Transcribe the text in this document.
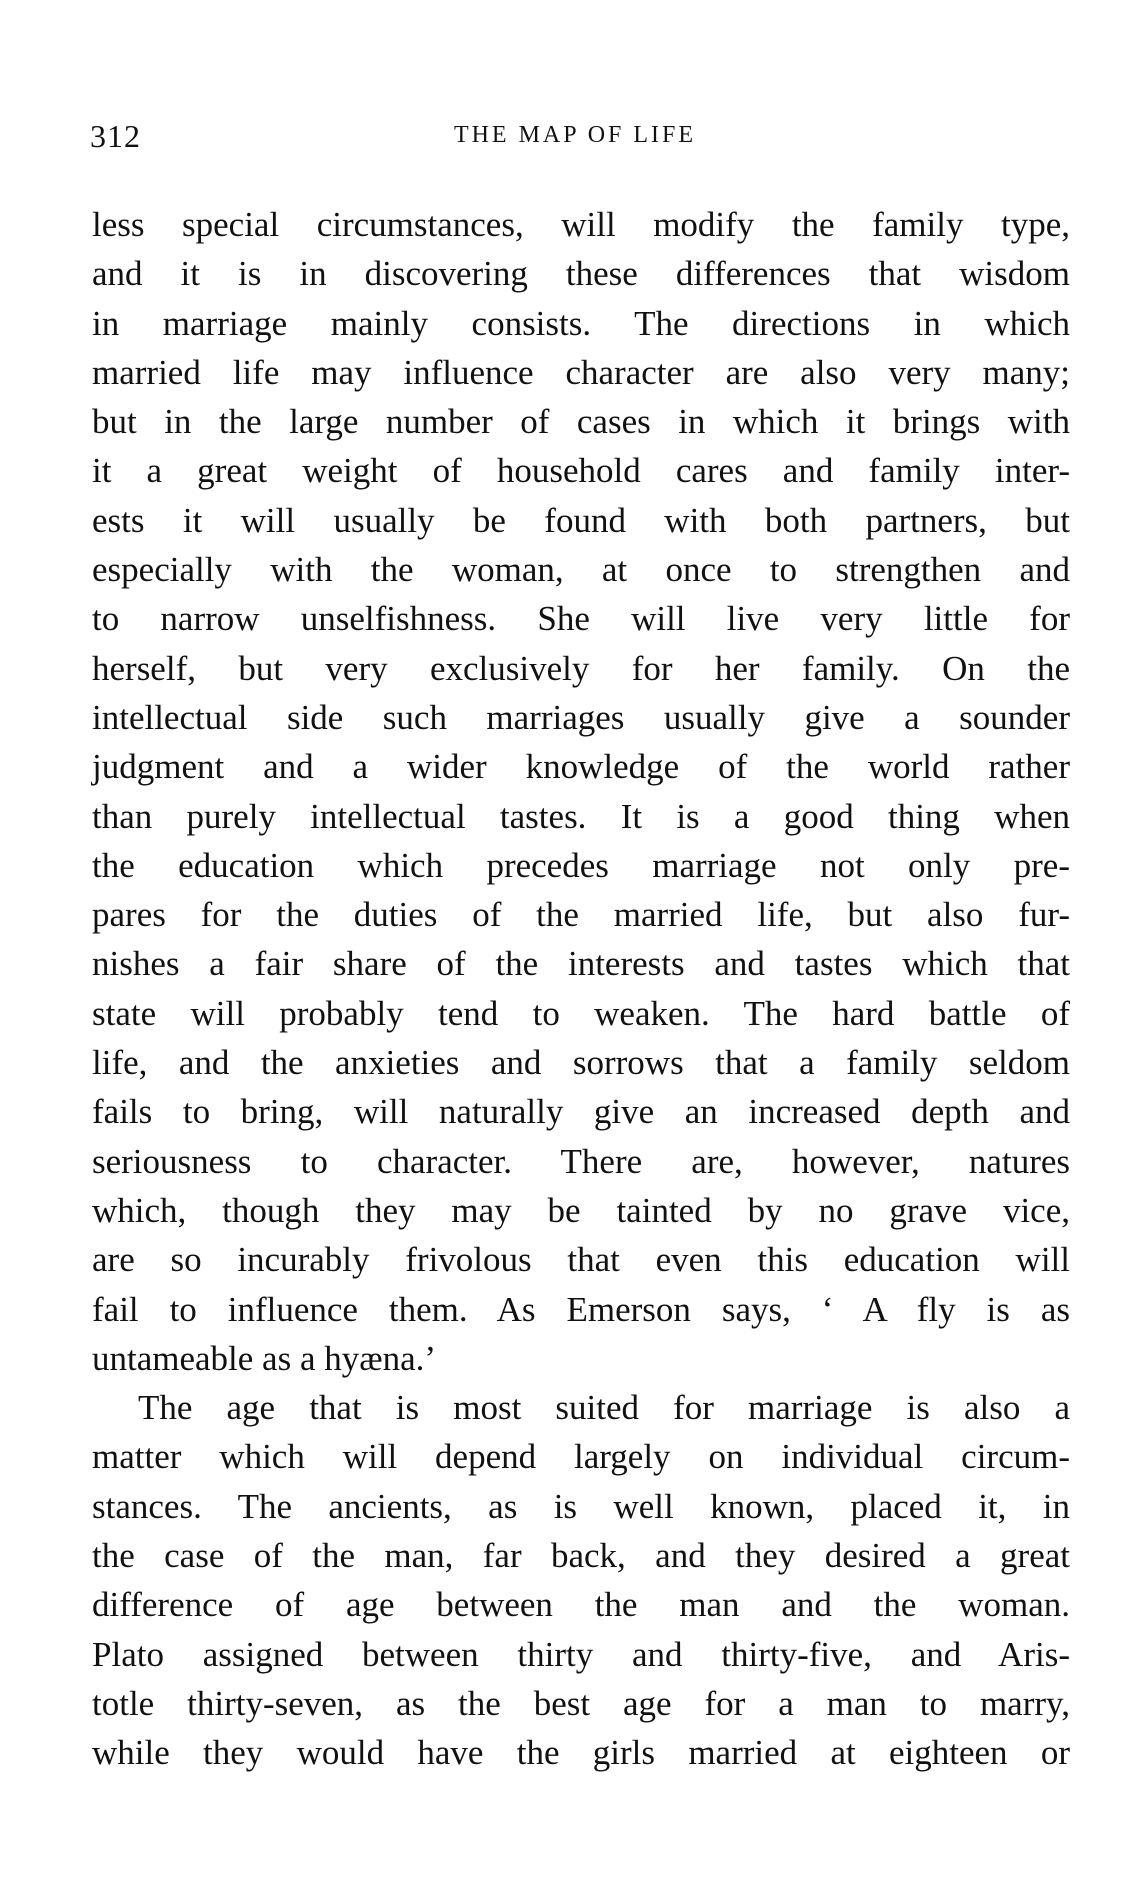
312	THE MAP OF LIFE
less special circumstances, will modify the family type,
and it is in discovering these differences that wisdom
in marriage mainly consists. The directions in which
married life may influence character are also very many;
but in the large number of cases in which it brings with
it a great weight of household cares and family inter-
ests it will usually be found with both partners, but
especially with the woman, at once to strengthen and
to narrow unselfishness. She will live very little for
herself, but very exclusively for her family. On the
intellectual side such marriages usually give a sounder
judgment and a wider knowledge of the world rather
than purely intellectual tastes. It is a good thing when
the education which precedes marriage not only pre-
pares for the duties of the married life, but also fur-
nishes a fair share of the interests and tastes which that
state will probably tend to weaken. The hard battle of
life, and the anxieties and sorrows that a family seldom
fails to bring, will naturally give an increased depth and
seriousness to character. There are, however, natures
which, though they may be tainted by no grave vice,
are so incurably frivolous that even this education will
fail to influence them. As Emerson says, ‘ A fly is as
untameable as a hyæna.’
The age that is most suited for marriage is also a
matter which will depend largely on individual circum-
stances. The ancients, as is well known, placed it, in
the case of the man, far back, and they desired a great
difference of age between the man and the woman.
Plato assigned between thirty and thirty-five, and Aris-
totle thirty-seven, as the best age for a man to marry,
while they would have the girls married at eighteen or
